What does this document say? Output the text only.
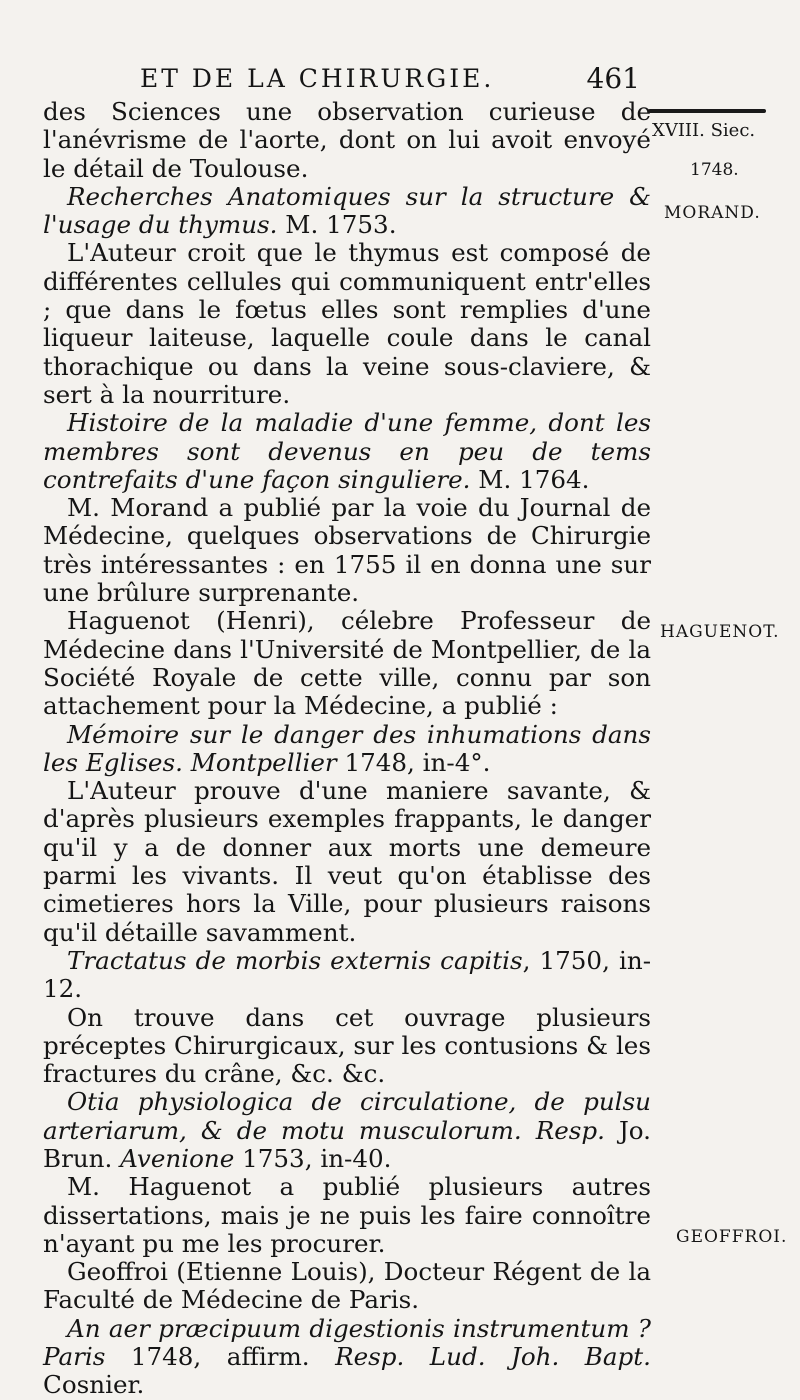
ET DE LA CHIRURGIE.	461
XVIII. Siec.
1748.
MORAND.
HAGUENOT.
GEOFFROI.

des Sciences une observation curieuse de l'anévrisme de l'aorte, dont on lui avoit envoyé le détail de Toulouse.

Recherches Anatomiques sur la structure & l'usage du thymus. M. 1753.

L'Auteur croit que le thymus est composé de différentes cellules qui communiquent entr'elles ; que dans le fœtus elles sont remplies d'une liqueur laiteuse, laquelle coule dans le canal thorachique ou dans la veine sous-claviere, & sert à la nourriture.

Histoire de la maladie d'une femme, dont les membres sont devenus en peu de tems contrefaits d'une façon singuliere. M. 1764.

M. Morand a publié par la voie du Journal de Médecine, quelques observations de Chirurgie très intéressantes : en 1755 il en donna une sur une brûlure surprenante.

Haguenot (Henri), célebre Professeur de Médecine dans l'Université de Montpellier, de la Société Royale de cette ville, connu par son attachement pour la Médecine, a publié :

Mémoire sur le danger des inhumations dans les Eglises. Montpellier 1748, in-4°.

L'Auteur prouve d'une maniere savante, & d'après plusieurs exemples frappants, le danger qu'il y a de donner aux morts une demeure parmi les vivants. Il veut qu'on établisse des cimetieres hors la Ville, pour plusieurs raisons qu'il détaille savamment.

Tractatus de morbis externis capitis, 1750, in-12.

On trouve dans cet ouvrage plusieurs préceptes Chirurgicaux, sur les contusions & les fractures du crâne, &c. &c.

Otia physiologica de circulatione, de pulsu arteriarum, & de motu musculorum. Resp. Jo. Brun. Avenione 1753, in-40.

M. Haguenot a publié plusieurs autres dissertations, mais je ne puis les faire connoître n'ayant pu me les procurer.

Geoffroi (Etienne Louis), Docteur Régent de la Faculté de Médecine de Paris.

An aer præcipuum digestionis instrumentum ? Paris 1748, affirm. Resp. Lud. Joh. Bapt. Cosnier.
